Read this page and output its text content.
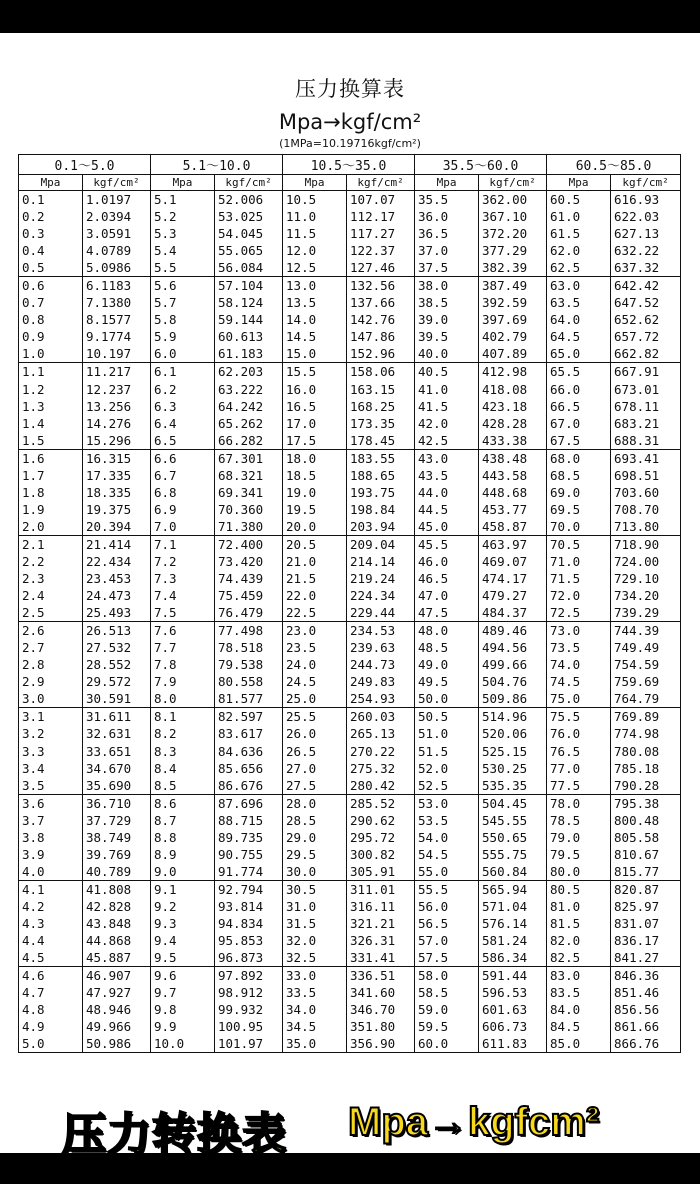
压力换算表
Mpa→kgf/cm²
(1MPa=10.19716kgf/cm²)
0.1～5.0		5.1～10.0		10.5～35.0		35.5～60.0		60.5～85.0	
Mpa	kgf/cm²	Mpa	kgf/cm²	Mpa	kgf/cm²	Mpa	kgf/cm²	Mpa	kgf/cm²
0.1	1.0197	5.1	52.006	10.5	107.07	35.5	362.00	60.5	616.93
0.2	2.0394	5.2	53.025	11.0	112.17	36.0	367.10	61.0	622.03
0.3	3.0591	5.3	54.045	11.5	117.27	36.5	372.20	61.5	627.13
0.4	4.0789	5.4	55.065	12.0	122.37	37.0	377.29	62.0	632.22
0.5	5.0986	5.5	56.084	12.5	127.46	37.5	382.39	62.5	637.32
0.6	6.1183	5.6	57.104	13.0	132.56	38.0	387.49	63.0	642.42
0.7	7.1380	5.7	58.124	13.5	137.66	38.5	392.59	63.5	647.52
0.8	8.1577	5.8	59.144	14.0	142.76	39.0	397.69	64.0	652.62
0.9	9.1774	5.9	60.613	14.5	147.86	39.5	402.79	64.5	657.72
1.0	10.197	6.0	61.183	15.0	152.96	40.0	407.89	65.0	662.82
1.1	11.217	6.1	62.203	15.5	158.06	40.5	412.98	65.5	667.91
1.2	12.237	6.2	63.222	16.0	163.15	41.0	418.08	66.0	673.01
1.3	13.256	6.3	64.242	16.5	168.25	41.5	423.18	66.5	678.11
1.4	14.276	6.4	65.262	17.0	173.35	42.0	428.28	67.0	683.21
1.5	15.296	6.5	66.282	17.5	178.45	42.5	433.38	67.5	688.31
1.6	16.315	6.6	67.301	18.0	183.55	43.0	438.48	68.0	693.41
1.7	17.335	6.7	68.321	18.5	188.65	43.5	443.58	68.5	698.51
1.8	18.335	6.8	69.341	19.0	193.75	44.0	448.68	69.0	703.60
1.9	19.375	6.9	70.360	19.5	198.84	44.5	453.77	69.5	708.70
2.0	20.394	7.0	71.380	20.0	203.94	45.0	458.87	70.0	713.80
2.1	21.414	7.1	72.400	20.5	209.04	45.5	463.97	70.5	718.90
2.2	22.434	7.2	73.420	21.0	214.14	46.0	469.07	71.0	724.00
2.3	23.453	7.3	74.439	21.5	219.24	46.5	474.17	71.5	729.10
2.4	24.473	7.4	75.459	22.0	224.34	47.0	479.27	72.0	734.20
2.5	25.493	7.5	76.479	22.5	229.44	47.5	484.37	72.5	739.29
2.6	26.513	7.6	77.498	23.0	234.53	48.0	489.46	73.0	744.39
2.7	27.532	7.7	78.518	23.5	239.63	48.5	494.56	73.5	749.49
2.8	28.552	7.8	79.538	24.0	244.73	49.0	499.66	74.0	754.59
2.9	29.572	7.9	80.558	24.5	249.83	49.5	504.76	74.5	759.69
3.0	30.591	8.0	81.577	25.0	254.93	50.0	509.86	75.0	764.79
3.1	31.611	8.1	82.597	25.5	260.03	50.5	514.96	75.5	769.89
3.2	32.631	8.2	83.617	26.0	265.13	51.0	520.06	76.0	774.98
3.3	33.651	8.3	84.636	26.5	270.22	51.5	525.15	76.5	780.08
3.4	34.670	8.4	85.656	27.0	275.32	52.0	530.25	77.0	785.18
3.5	35.690	8.5	86.676	27.5	280.42	52.5	535.35	77.5	790.28
3.6	36.710	8.6	87.696	28.0	285.52	53.0	504.45	78.0	795.38
3.7	37.729	8.7	88.715	28.5	290.62	53.5	545.55	78.5	800.48
3.8	38.749	8.8	89.735	29.0	295.72	54.0	550.65	79.0	805.58
3.9	39.769	8.9	90.755	29.5	300.82	54.5	555.75	79.5	810.67
4.0	40.789	9.0	91.774	30.0	305.91	55.0	560.84	80.0	815.77
4.1	41.808	9.1	92.794	30.5	311.01	55.5	565.94	80.5	820.87
4.2	42.828	9.2	93.814	31.0	316.11	56.0	571.04	81.0	825.97
4.3	43.848	9.3	94.834	31.5	321.21	56.5	576.14	81.5	831.07
4.4	44.868	9.4	95.853	32.0	326.31	57.0	581.24	82.0	836.17
4.5	45.887	9.5	96.873	32.5	331.41	57.5	586.34	82.5	841.27
4.6	46.907	9.6	97.892	33.0	336.51	58.0	591.44	83.0	846.36
4.7	47.927	9.7	98.912	33.5	341.60	58.5	596.53	83.5	851.46
4.8	48.946	9.8	99.932	34.0	346.70	59.0	601.63	84.0	856.56
4.9	49.966	9.9	100.95	34.5	351.80	59.5	606.73	84.5	861.66
5.0	50.986	10.0	101.97	35.0	356.90	60.0	611.83	85.0	866.76
压力转换表 Mpa→kgfcm²
